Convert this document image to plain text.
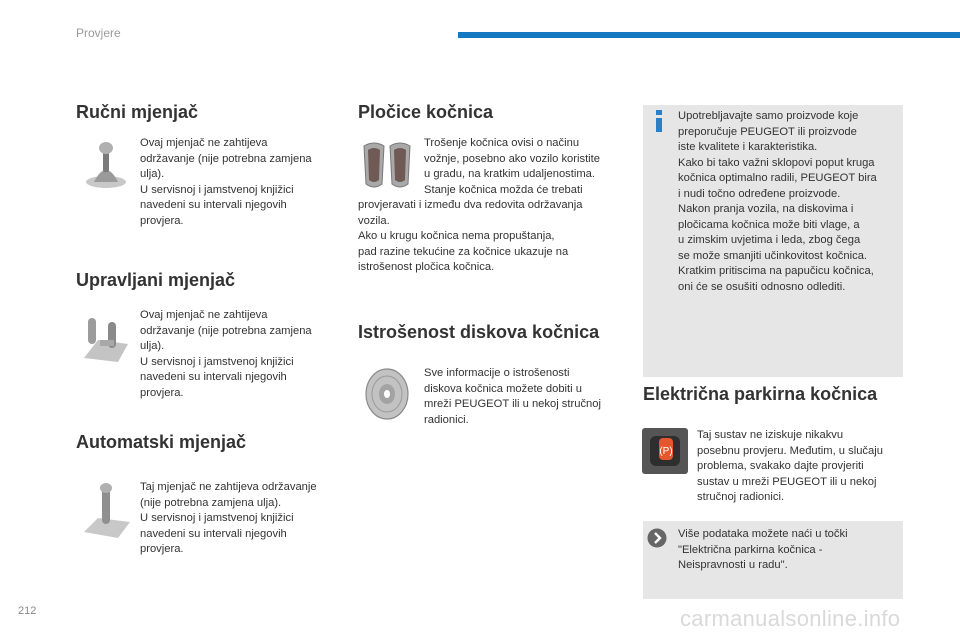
Provjere
Ručni mjenjač

Ovaj mjenjač ne zahtijeva

održavanje (nije potrebna zamjena

ulja).

U servisnoj i jamstvenoj knjižici

navedeni su intervali njegovih

provjera.

Upravljani mjenjač

Ovaj mjenjač ne zahtijeva

održavanje (nije potrebna zamjena

ulja).

U servisnoj i jamstvenoj knjižici

navedeni su intervali njegovih

provjera.

Automatski mjenjač

Taj mjenjač ne zahtijeva održavanje

(nije potrebna zamjena ulja).

U servisnoj i jamstvenoj knjižici

navedeni su intervali njegovih

provjera.

Pločice kočnica

Trošenje kočnica ovisi o načinu

vožnje, posebno ako vozilo koristite

u gradu, na kratkim udaljenostima.

Stanje kočnica možda će trebati

provjeravati i između dva redovita održavanja

vozila.

Ako u krugu kočnica nema propuštanja,

pad razine tekućine za kočnice ukazuje na

istrošenost pločica kočnica.

Istrošenost diskova kočnica

Sve informacije o istrošenosti

diskova kočnica možete dobiti u

mreži PEUGEOT ili u nekoj stručnoj

radionici.

Upotrebljavajte samo proizvode koje

preporučuje PEUGEOT ili proizvode

iste kvalitete i karakteristika.

Kako bi tako važni sklopovi poput kruga

kočnica optimalno radili, PEUGEOT bira

i nudi točno određene proizvode.

Nakon pranja vozila, na diskovima i

pločicama kočnica može biti vlage, a

u zimskim uvjetima i leda, zbog čega

se može smanjiti učinkovitost kočnica.

Kratkim pritiscima na papučicu kočnica,

oni će se osušiti odnosno odlediti.

Električna parkirna kočnica
(P)

Taj sustav ne iziskuje nikakvu

posebnu provjeru. Međutim, u slučaju

problema, svakako dajte provjeriti

sustav u mreži PEUGEOT ili u nekoj

stručnoj radionici.

Više podataka možete naći u točki

"Električna parkirna kočnica -

Neispravnosti u radu".

212	carmanualsonline.info
